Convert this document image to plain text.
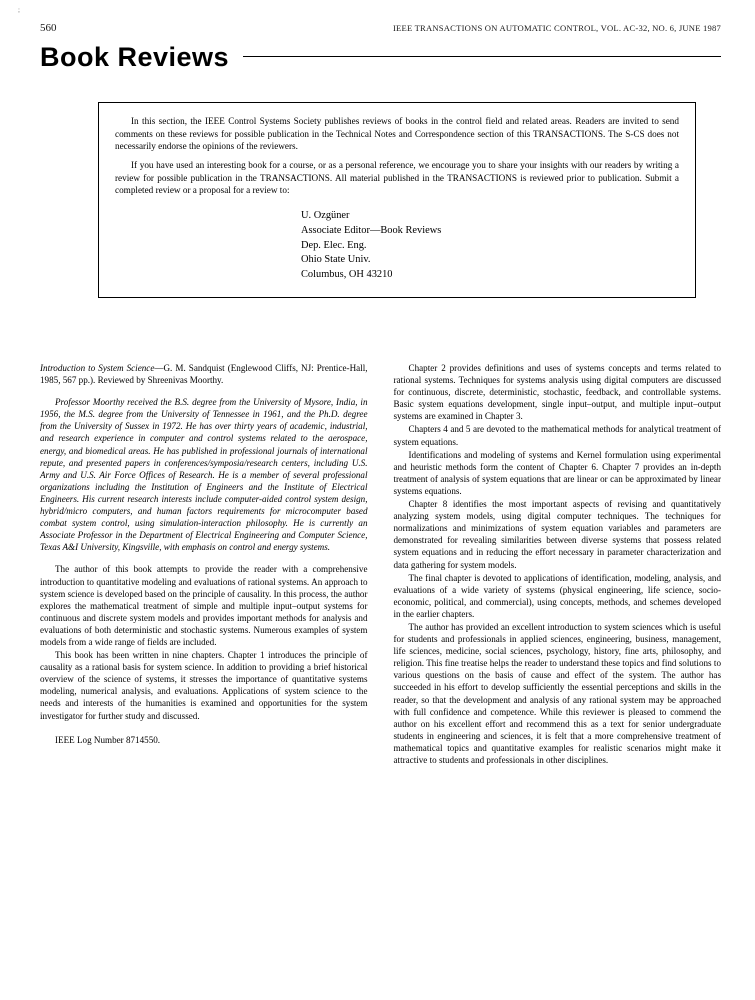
;
560	IEEE TRANSACTIONS ON AUTOMATIC CONTROL, VOL. AC-32, NO. 6, JUNE 1987
Book Reviews

In this section, the IEEE Control Systems Society publishes reviews of books in the control field and related areas. Readers are invited to send comments on these reviews for possible publication in the Technical Notes and Correspondence section of this TRANSACTIONS. The S-CS does not necessarily endorse the opinions of the reviewers.

If you have used an interesting book for a course, or as a personal reference, we encourage you to share your insights with our readers by writing a review for possible publication in the TRANSACTIONS. All material published in the TRANSACTIONS is reviewed prior to publication. Submit a completed review or a proposal for a review to:

U. Ozgüner
Associate Editor—Book Reviews
Dep. Elec. Eng.
Ohio State Univ.
Columbus, OH 43210

Introduction to System Science—G. M. Sandquist (Englewood Cliffs, NJ: Prentice-Hall, 1985, 567 pp.). Reviewed by Shreenivas Moorthy.

Professor Moorthy received the B.S. degree from the University of Mysore, India, in 1956, the M.S. degree from the University of Tennessee in 1961, and the Ph.D. degree from the University of Sussex in 1972. He has over thirty years of academic, industrial, and research experience in computer and control systems related to the aerospace, energy, and biomedical areas. He has published in professional journals of international repute, and presented papers in conferences/symposia/research centers, including U.S. Army and U.S. Air Force Offices of Research. He is a member of several professional organizations including the Institution of Engineers and the Institute of Electrical Engineers. His current research interests include computer-aided control system design, hybrid/micro computers, and human factors requirements for microcomputer based combat system control, using simulation-interaction philosophy. He is currently an Associate Professor in the Department of Electrical Engineering and Computer Science, Texas A&I University, Kingsville, with emphasis on control and energy systems.

The author of this book attempts to provide the reader with a comprehensive introduction to quantitative modeling and evaluations of rational systems. An approach to system science is developed based on the principle of causality. In this process, the author explores the mathematical treatment of simple and multiple input–output systems for continuous and discrete system models and provides important methods for analysis and evaluations of both deterministic and stochastic systems. Numerous examples of system models from a wide range of fields are included.

This book has been written in nine chapters. Chapter 1 introduces the principle of causality as a rational basis for system science. In addition to providing a brief historical overview of the science of systems, it stresses the importance of quantitative systems modeling, numerical analysis, and evaluations. Applications of system science to the needs and interests of the humanities is examined and opportunities for the system investigator for further study and discussed.

IEEE Log Number 8714550.

Chapter 2 provides definitions and uses of systems concepts and terms related to rational systems. Techniques for systems analysis using digital computers are discussed for continuous, discrete, deterministic, stochastic, feedback, and controllable systems. Basic system equations development, single input–output, and multiple input–output systems are examined in Chapter 3.

Chapters 4 and 5 are devoted to the mathematical methods for analytical treatment of system equations.

Identifications and modeling of systems and Kernel formulation using experimental and heuristic methods form the content of Chapter 6. Chapter 7 provides an in-depth treatment of analysis of system equations that are linear or can be approximated by linear systems equations.

Chapter 8 identifies the most important aspects of revising and quantitatively analyzing system models, using digital computer techniques. The techniques for normalizations and minimizations of system equation variables and parameters are demonstrated for revealing similarities between diverse systems that possess related system equations and in reducing the effort necessary in parameter characterization and data gathering for system models.

The final chapter is devoted to applications of identification, modeling, analysis, and evaluations of a wide variety of systems (physical engineering, life science, socio-economic, political, and commercial), using concepts, methods, and schemes developed in the earlier chapters.

The author has provided an excellent introduction to system sciences which is useful for students and professionals in applied sciences, engineering, business, management, life sciences, medicine, social sciences, psychology, history, fine arts, philosophy, and religion. This fine treatise helps the reader to understand these topics and find solutions to various questions on the basis of cause and effect of the system. The author has succeeded in his effort to develop sufficiently the essential perceptions and skills in the reader, so that the development and analysis of any rational system may be approached with full confidence and competence. While this reviewer is pleased to commend the author on his excellent effort and recommend this as a text for senior undergraduate students in engineering and sciences, it is felt that a more comprehensive treatment of mathematical topics and quantitative examples for realistic scenarios might make it attractive to students and professionals in other disciplines.
